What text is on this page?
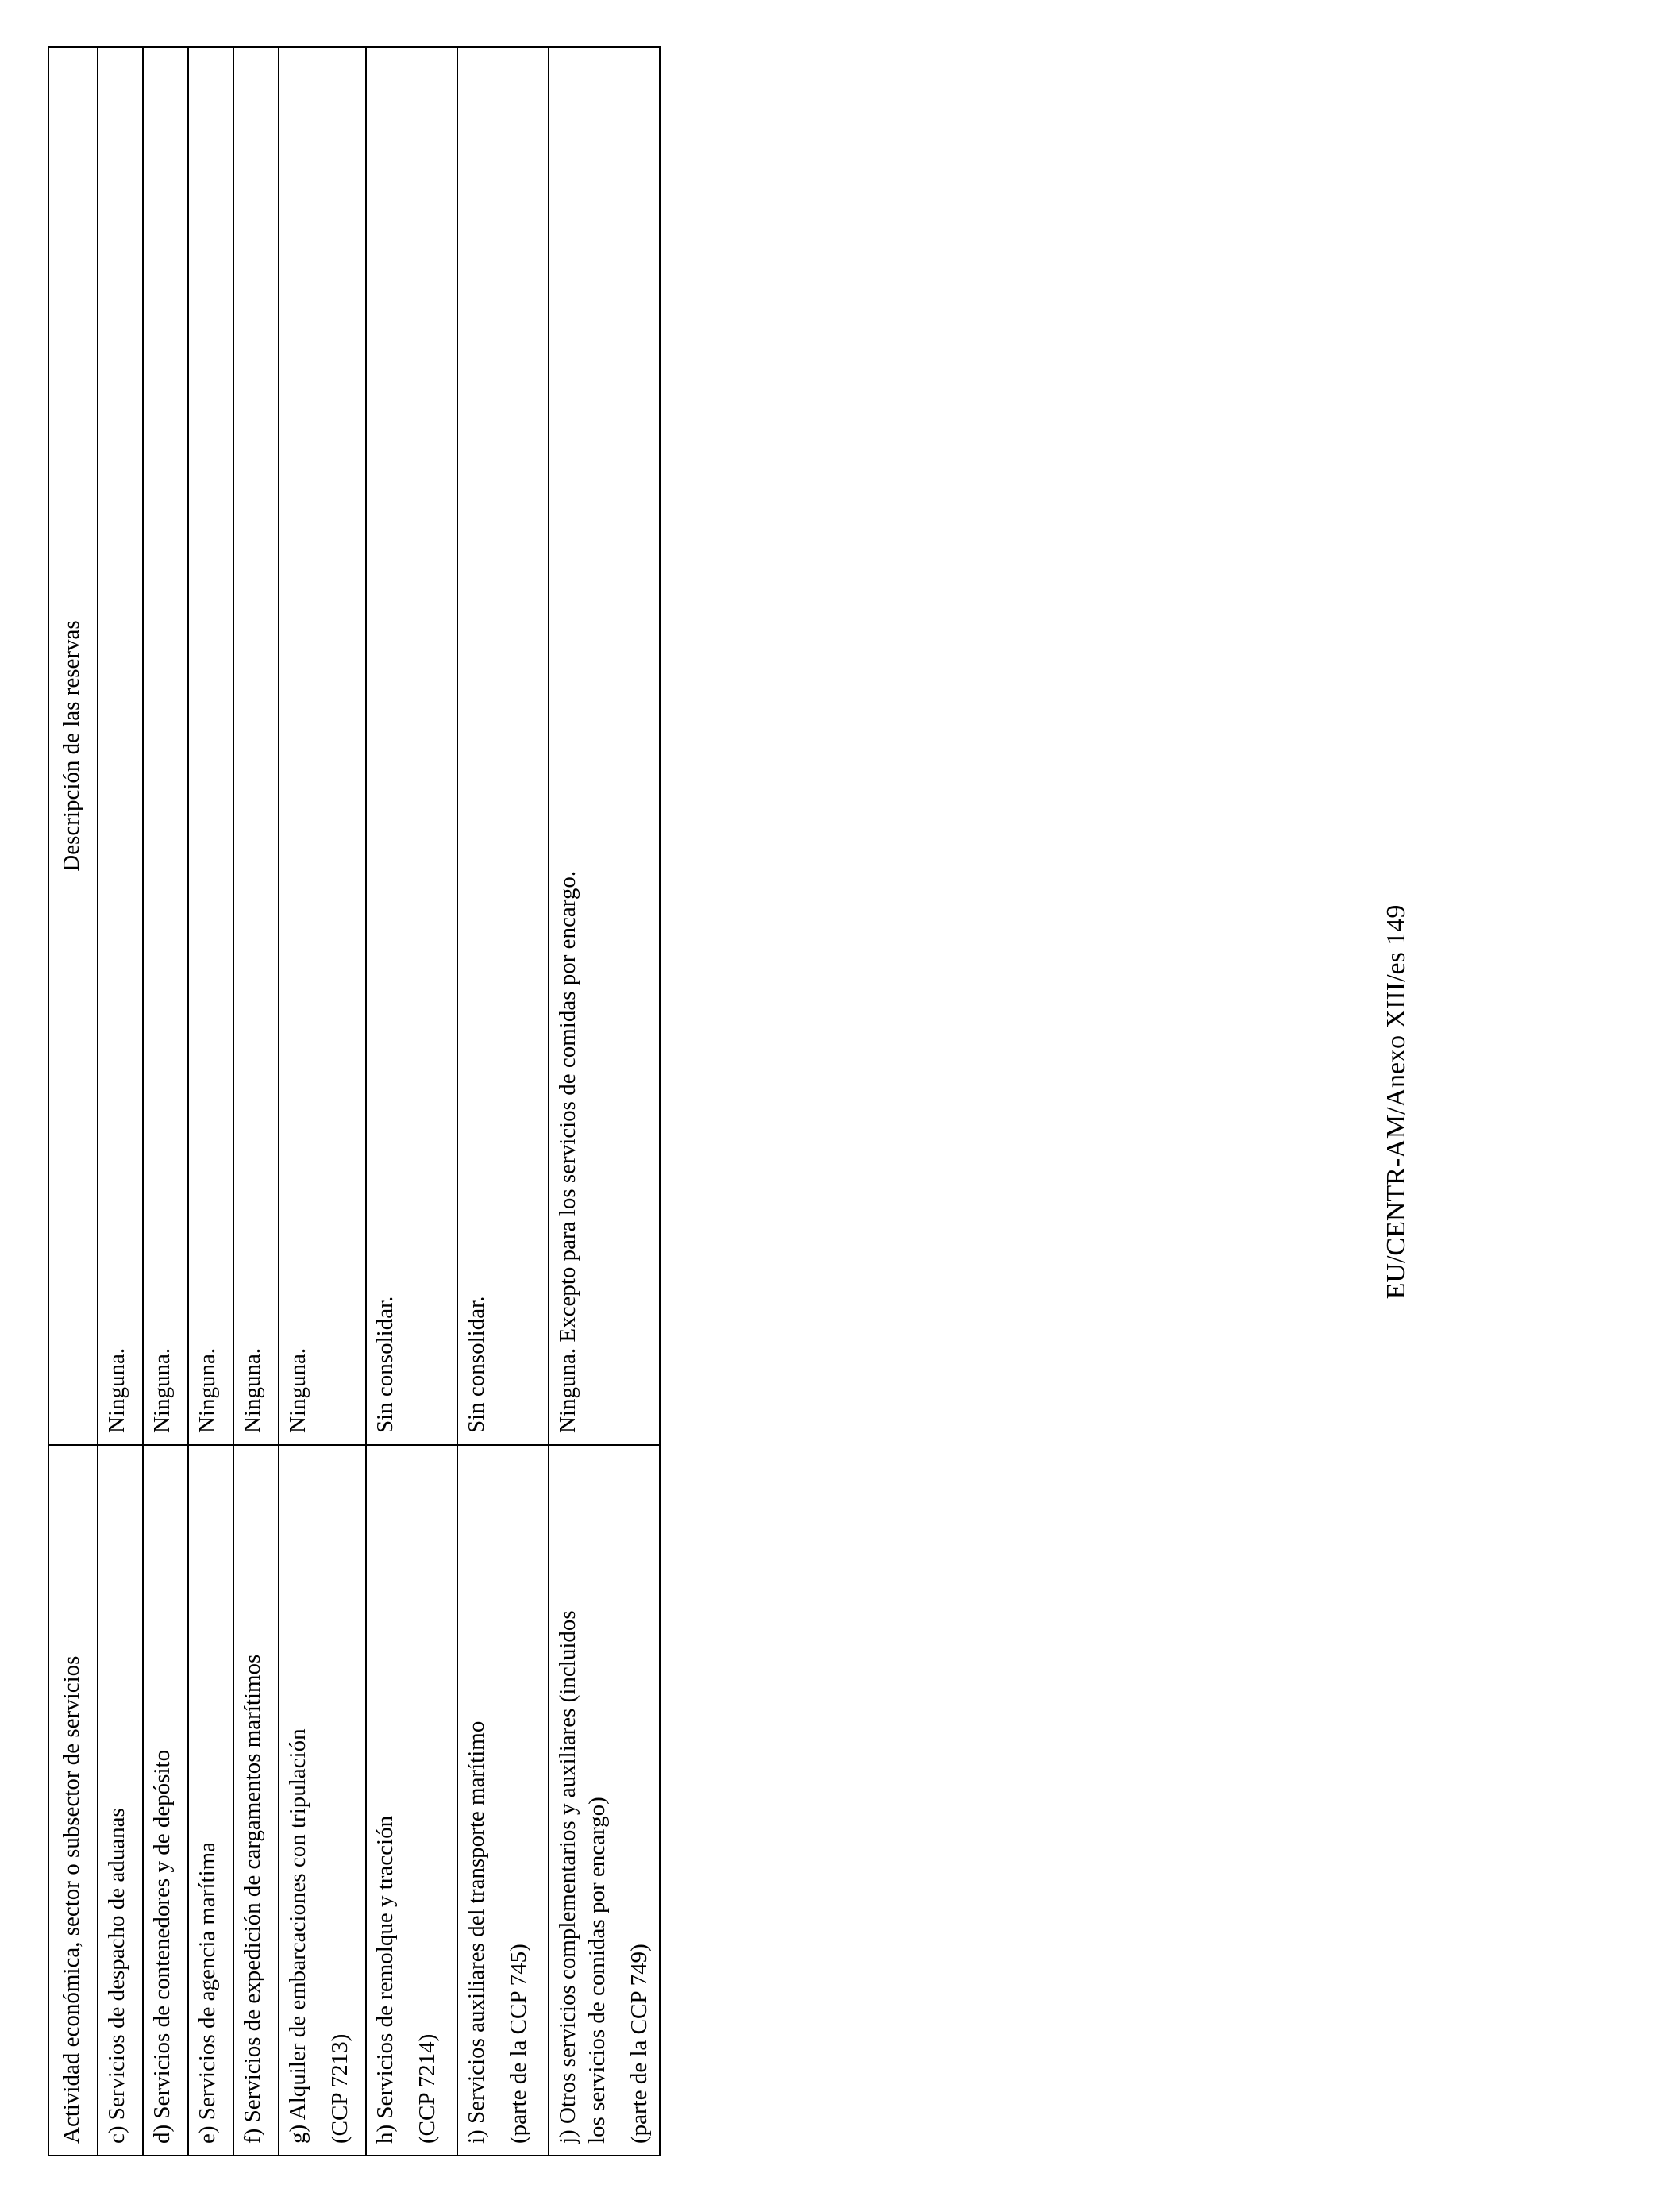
Actividad económica, sector o subsector de servicios	Descripción de las reservas
c) Servicios de despacho de aduanas	Ninguna.
d) Servicios de contenedores y de depósito	Ninguna.
e) Servicios de agencia marítima	Ninguna.
f) Servicios de expedición de cargamentos marítimos	Ninguna.

g) Alquiler de embarcaciones con tripulación (CCP 7213)	Ninguna.

h) Servicios de remolque y tracción (CCP 7214)	Sin consolidar.

i) Servicios auxiliares del transporte marítimo (parte de la CCP 745)	Sin consolidar.

j) Otros servicios complementarios y auxiliares (incluidos los servicios de comidas por encargo) (parte de la CCP 749)	Ninguna. Excepto para los servicios de comidas por encargo.	EU/CENTR-AM/Anexo XIII/es 149
